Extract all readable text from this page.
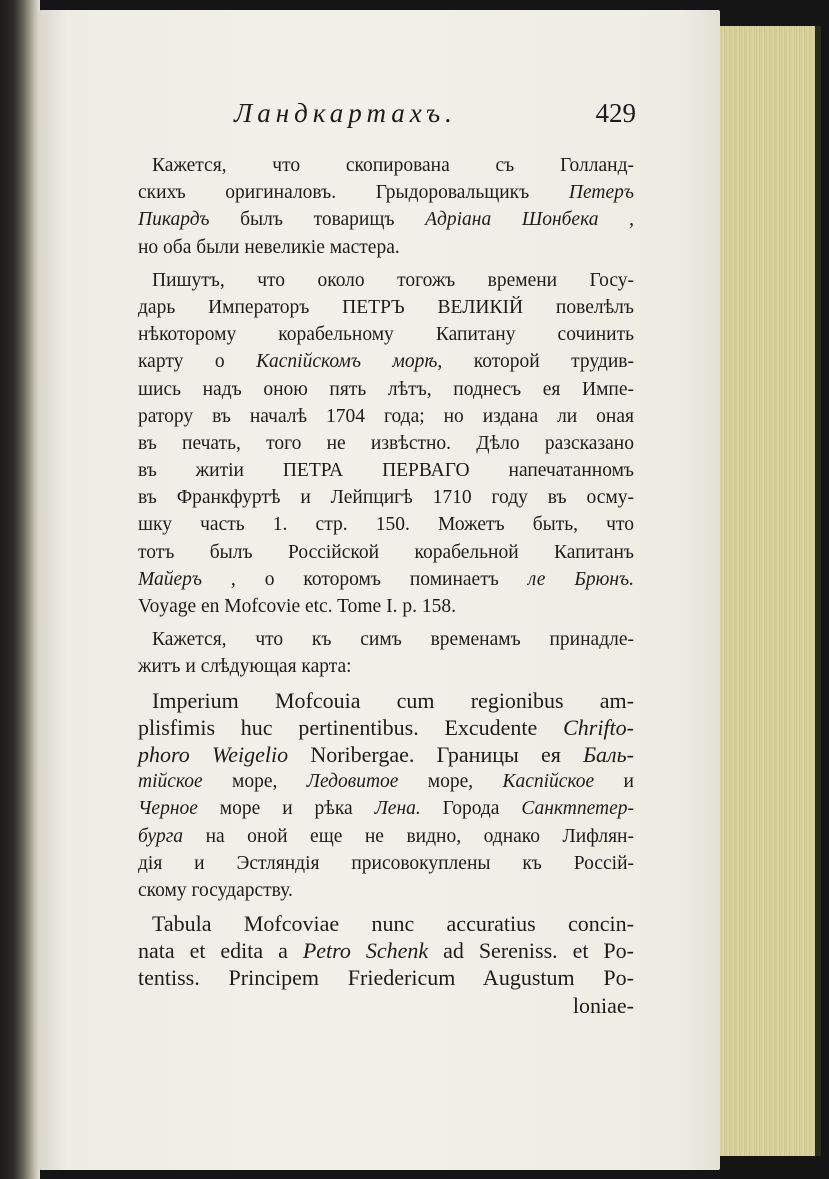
Ландкартахъ.	429
Кажется, что скопирована съ Голланд-
скихъ оригиналовъ. Грыдоровальщикъ Петеръ
Пикардъ былъ товарищъ Адріана Шонбека ,
но оба были невеликіе мастера.
Пишутъ, что около тогожъ времени Госу-
дарь Императоръ ПЕТРЪ ВЕЛИКІЙ повелѣлъ
нѣкоторому корабельному Капитану сочинить
карту о Каспійскомъ морѣ, которой трудив-
шись надъ оною пять лѣтъ, поднесъ ея Импе-
ратору въ началѣ 1704 года; но издана ли оная
въ печать, того не извѣстно. Дѣло разсказано
въ житіи ПЕТРА ПЕРВАГО напечатанномъ
въ Франкфуртѣ и Лейпцигѣ 1710 году въ осму-
шку часть 1. стр. 150. Можетъ быть, что
тотъ былъ Россійской корабельной Капитанъ
Майеръ , о которомъ поминаетъ ле Брюнъ.
Voyage en Mofcovie etc. Tome I. p. 158.
Кажется, что къ симъ временамъ принадле-
житъ и слѣдующая карта:
Imperium Mofcouia cum regionibus am-
plisfimis huc pertinentibus. Excudente Chrifto-
phoro Weigelio Noribergae. Границы ея Баль-
тійское море, Ледовитое море, Каспійское и
Черное море и рѣка Лена. Города Санктпетер-
бурга на оной еще не видно, однако Лифлян-
дія и Эстляндія присовокуплены къ Россій-
скому государству.
Tabula Mofcoviae nunc accuratius concin-
nata et edita a Petro Schenk ad Sereniss. et Po-
tentiss. Principem Friedericum Augustum Po-
loniae-
